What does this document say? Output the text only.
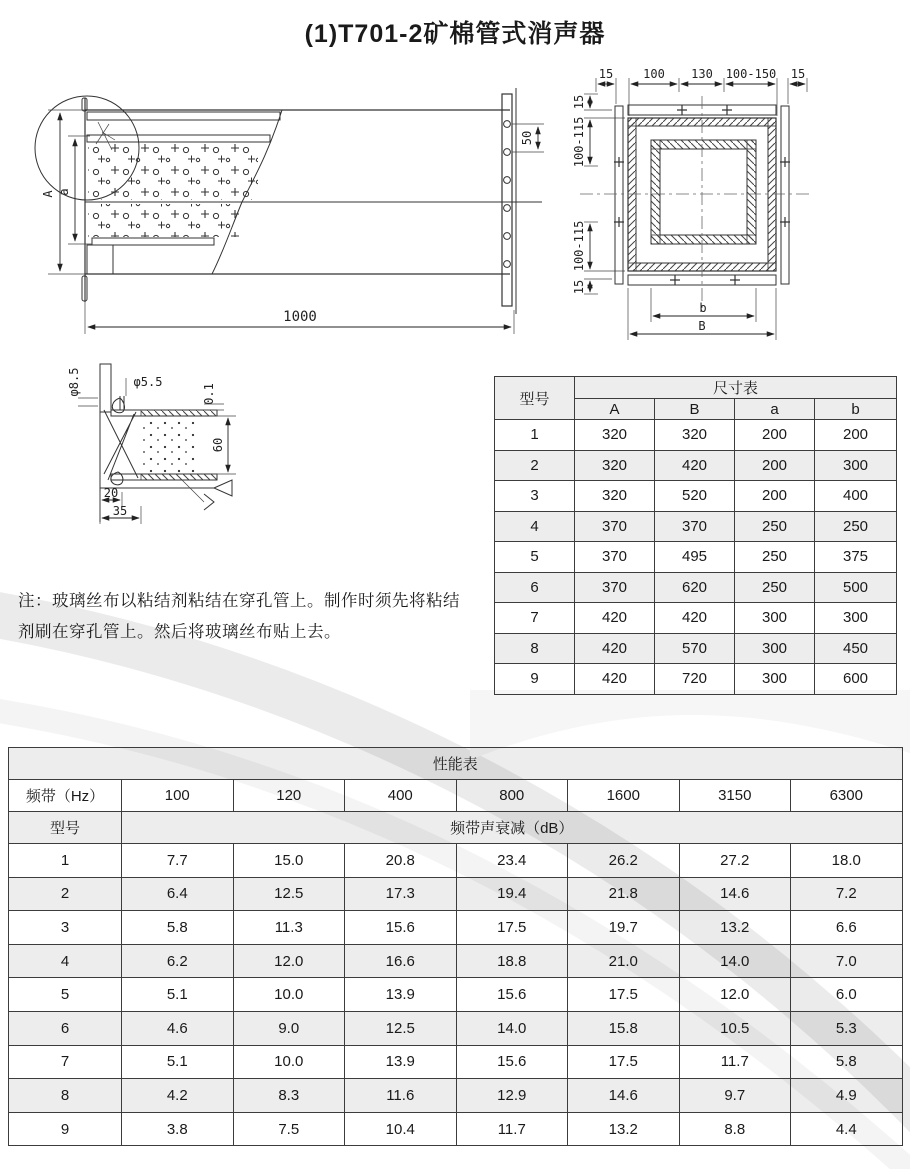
(1)T701-2矿棉管式消声器
A a
50
1000
15 100 130 100-150 15
15
100-115
100-115
15
b
B
φ8.5	φ5.5
0.1
60
20
35

注：玻璃丝布以粘结剂粘结在穿孔管上。制作时须先将粘结剂刷在穿孔管上。然后将玻璃丝布贴上去。

型号	尺寸表			
	A	B	a	b
1	320	320	200	200
2	320	420	200	300
3	320	520	200	400
4	370	370	250	250
5	370	495	250	375
6	370	620	250	500
7	420	420	300	300
8	420	570	300	450
9	420	720	300	600
性能表							
频带（Hz）	100	120	400	800	1600	3150	6300
型号	频带声衰减（dB）						
1	7.7	15.0	20.8	23.4	26.2	27.2	18.0
2	6.4	12.5	17.3	19.4	21.8	14.6	7.2
3	5.8	11.3	15.6	17.5	19.7	13.2	6.6
4	6.2	12.0	16.6	18.8	21.0	14.0	7.0
5	5.1	10.0	13.9	15.6	17.5	12.0	6.0
6	4.6	9.0	12.5	14.0	15.8	10.5	5.3
7	5.1	10.0	13.9	15.6	17.5	11.7	5.8
8	4.2	8.3	11.6	12.9	14.6	9.7	4.9
9	3.8	7.5	10.4	11.7	13.2	8.8	4.4
